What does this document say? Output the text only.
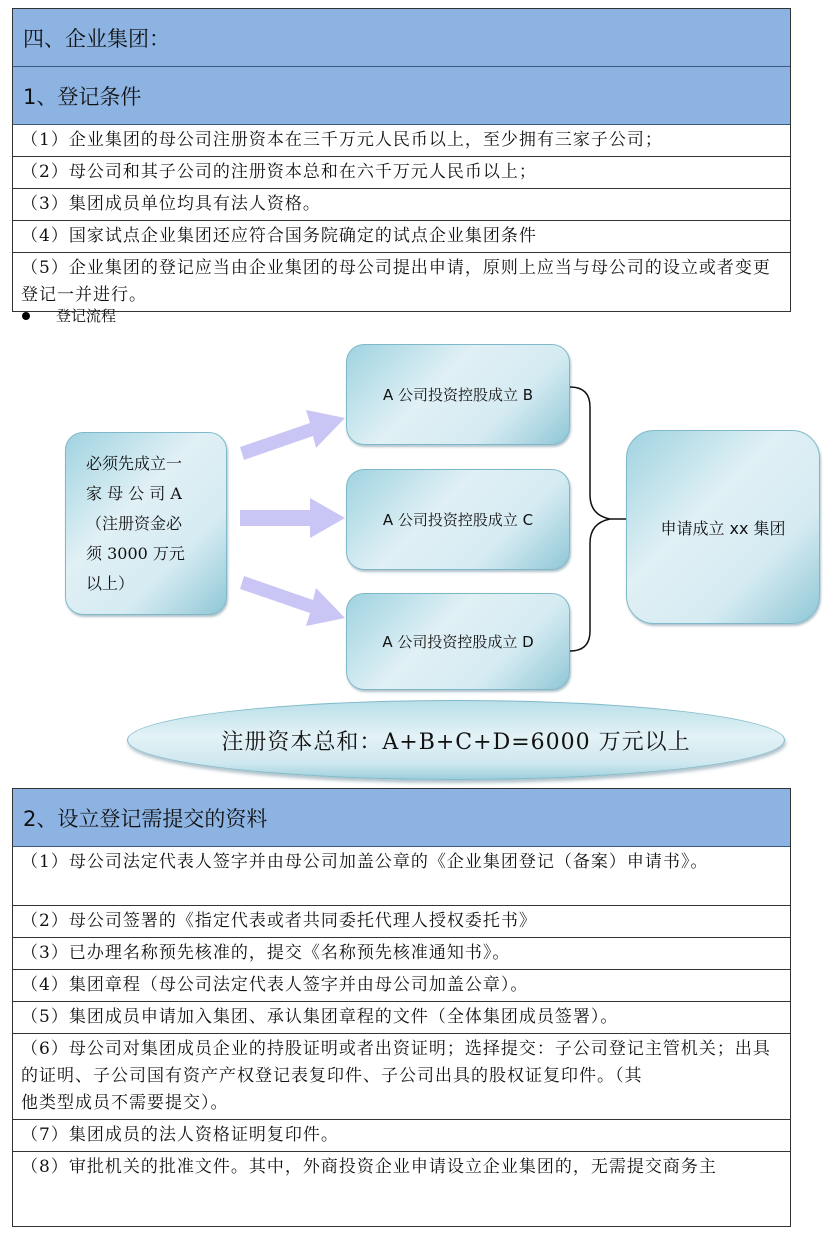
四、企业集团：
1、登记条件
（1）企业集团的母公司注册资本在三千万元人民币以上，至少拥有三家子公司；
（2）母公司和其子公司的注册资本总和在六千万元人民币以上；
（3）集团成员单位均具有法人资格。
（4）国家试点企业集团还应符合国务院确定的试点企业集团条件
（5）企业集团的登记应当由企业集团的母公司提出申请，原则上应当与母公司的设立或者变更登记一并进行。
登记流程
必须先成立一
家 母 公 司 A
（注册资金必
须 3000 万元
以上）
A 公司投资控股成立 B
A 公司投资控股成立 C
A 公司投资控股成立 D
申请成立 xx 集团
注册资本总和：A+B+C+D=6000 万元以上
2、设立登记需提交的资料
（1）母公司法定代表人签字并由母公司加盖公章的《企业集团登记（备案）申请书》。
（2）母公司签署的《指定代表或者共同委托代理人授权委托书》
（3）已办理名称预先核准的，提交《名称预先核准通知书》。
（4）集团章程（母公司法定代表人签字并由母公司加盖公章）。
（5）集团成员申请加入集团、承认集团章程的文件（全体集团成员签署）。
（6）母公司对集团成员企业的持股证明或者出资证明；选择提交：子公司登记主管机关；出具的证明、子公司国有资产产权登记表复印件、子公司出具的股权证复印件。（其
他类型成员不需要提交）。
（7）集团成员的法人资格证明复印件。
（8）审批机关的批准文件。其中，外商投资企业申请设立企业集团的，无需提交商务主
